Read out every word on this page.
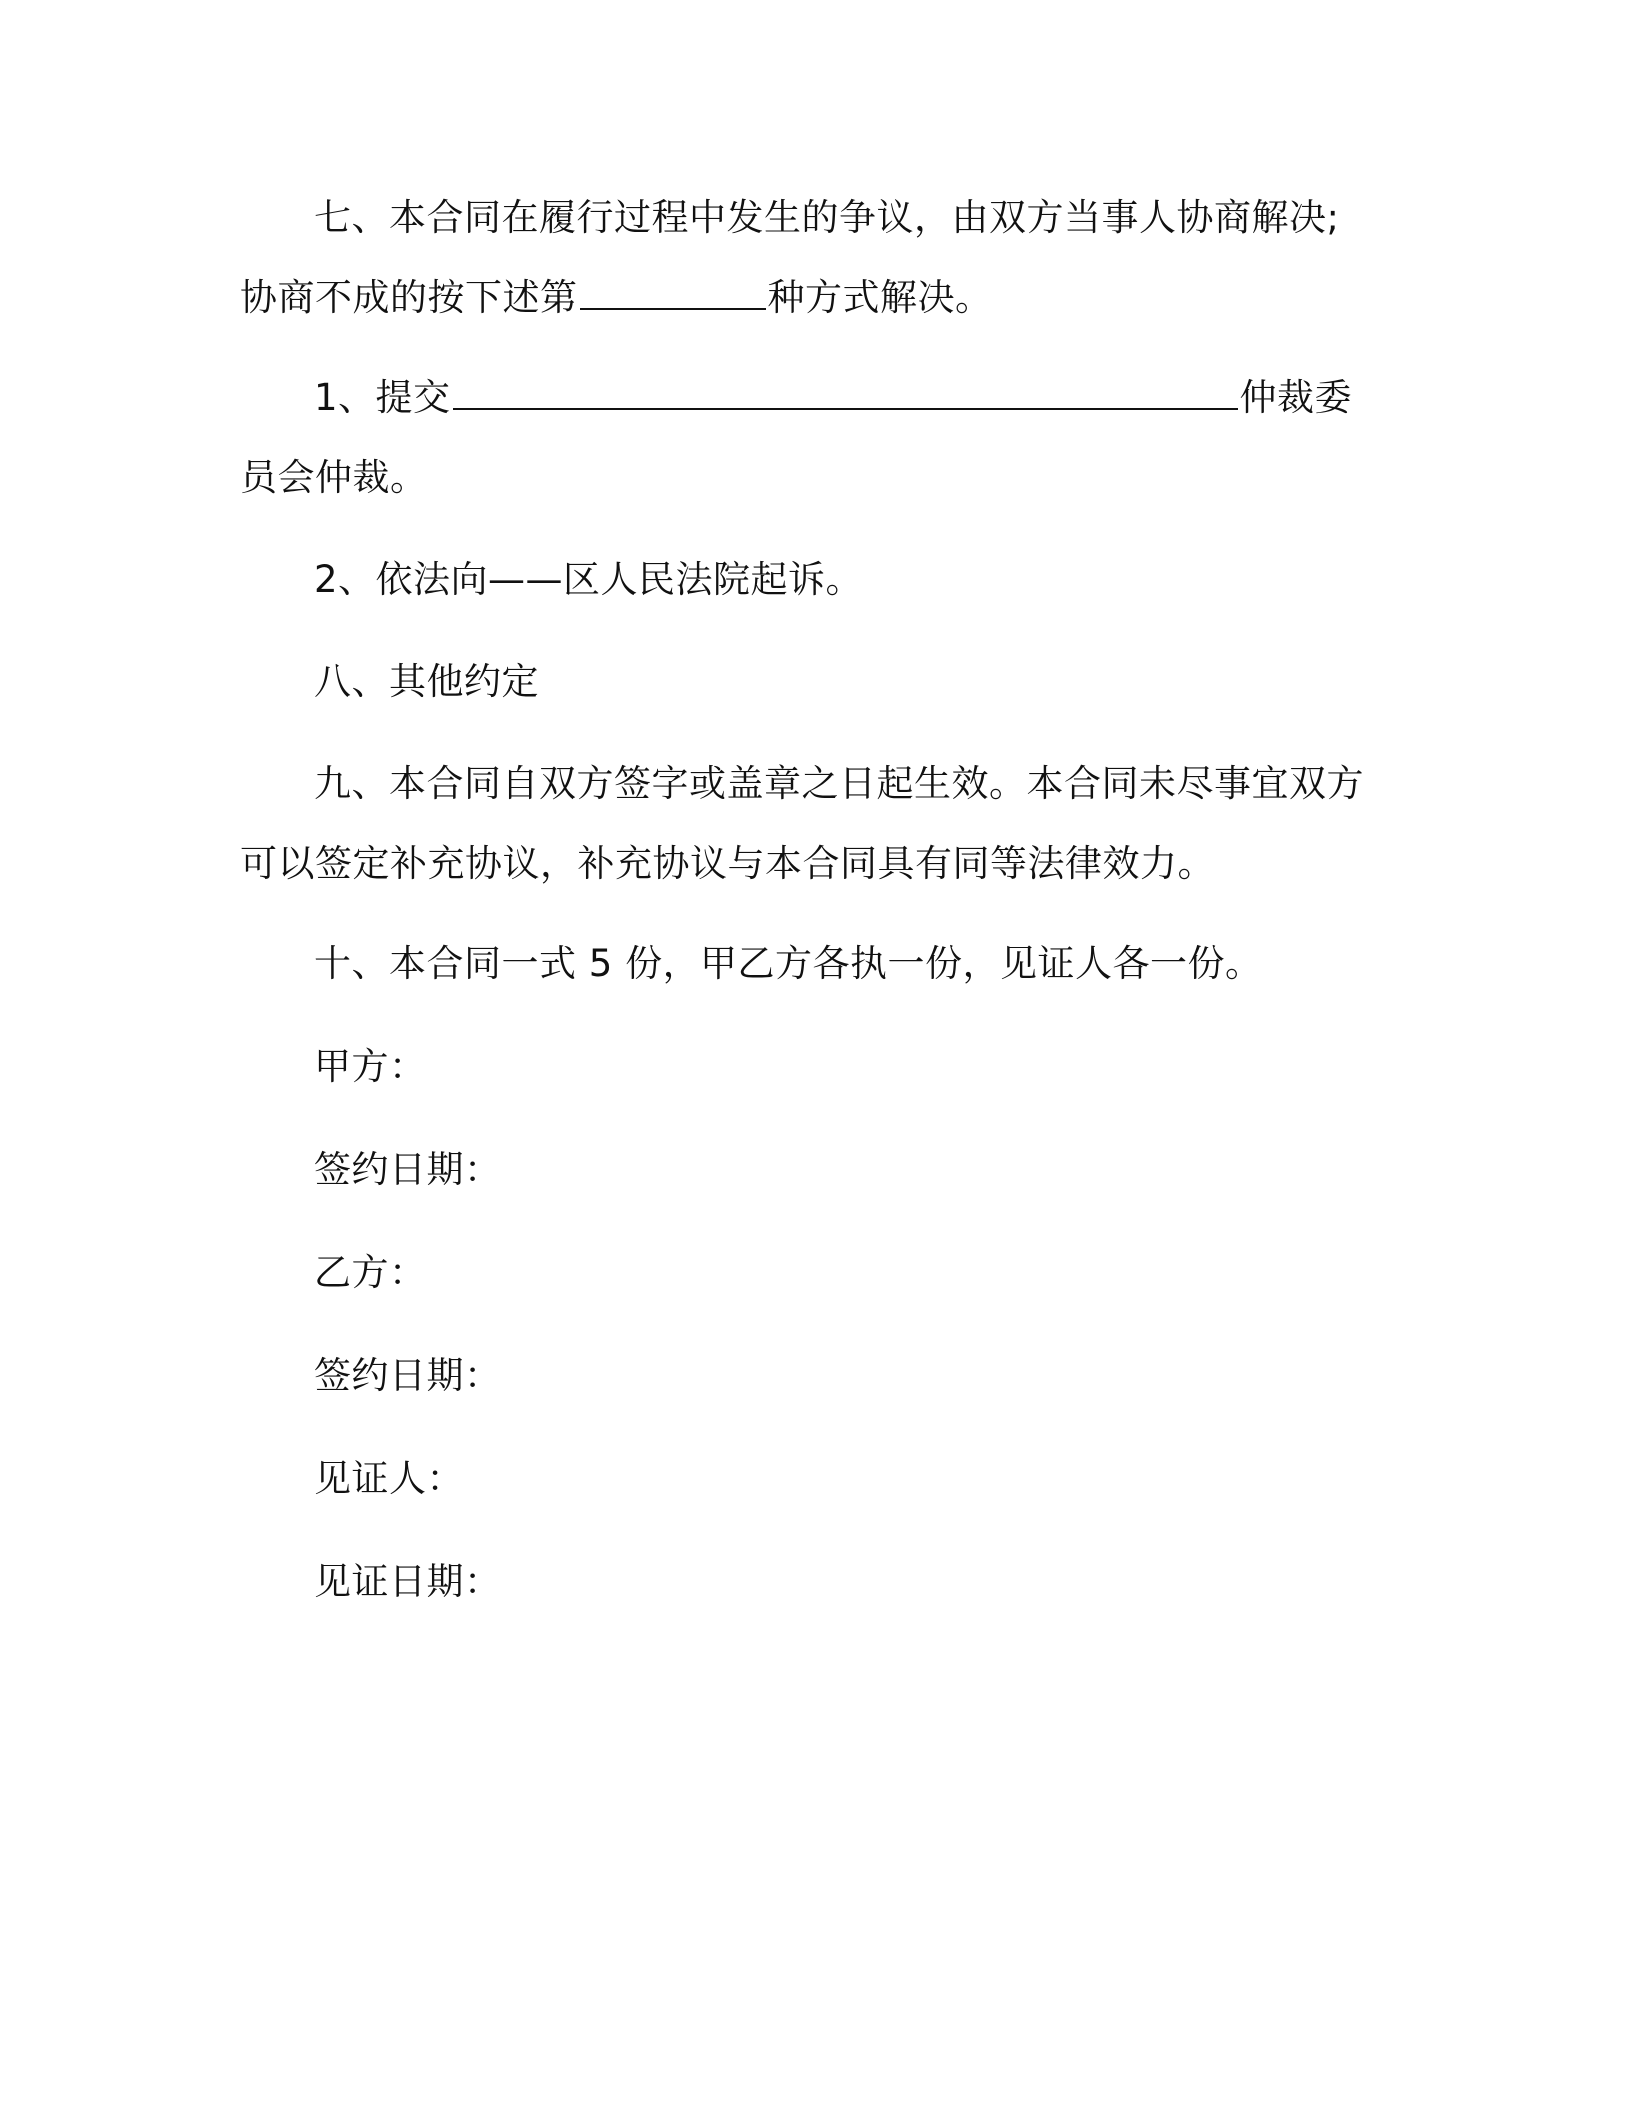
七、本合同在履行过程中发生的争议，由双方当事人协商解决;协商不成的按下述第	种方式解决。

1、提交	仲裁委员会仲裁。

2、依法向——区人民法院起诉。

八、其他约定

九、本合同自双方签字或盖章之日起生效。本合同未尽事宜双方可以签定补充协议，补充协议与本合同具有同等法律效力。

十、本合同一式 5 份，甲乙方各执一份，见证人各一份。

甲方：

签约日期：

乙方：

签约日期：

见证人：

见证日期：
